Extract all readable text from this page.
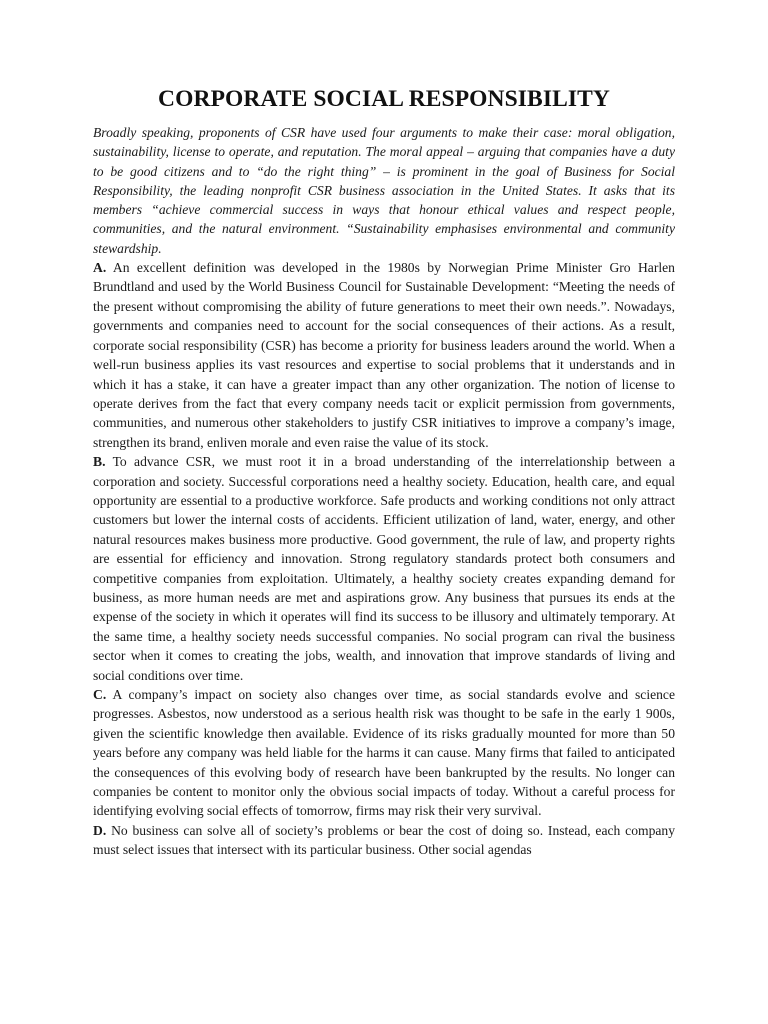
CORPORATE SOCIAL RESPONSIBILITY

Broadly speaking, proponents of CSR have used four arguments to make their case: moral obligation, sustainability, license to operate, and reputation. The moral appeal – arguing that companies have a duty to be good citizens and to “do the right thing” – is prominent in the goal of Business for Social Responsibility, the leading nonprofit CSR business association in the United States. It asks that its members “achieve commercial success in ways that honour ethical values and respect people, communities, and the natural environment. “Sustainability emphasises environmental and community stewardship.

A. An excellent definition was developed in the 1980s by Norwegian Prime Minister Gro Harlen Brundtland and used by the World Business Council for Sustainable Development: “Meeting the needs of the present without compromising the ability of future generations to meet their own needs.”. Nowadays, governments and companies need to account for the social consequences of their actions. As a result, corporate social responsibility (CSR) has become a priority for business leaders around the world. When a well-run business applies its vast resources and expertise to social problems that it understands and in which it has a stake, it can have a greater impact than any other organization. The notion of license to operate derives from the fact that every company needs tacit or explicit permission from governments, communities, and numerous other stakeholders to justify CSR initiatives to improve a company’s image, strengthen its brand, enliven morale and even raise the value of its stock.

B. To advance CSR, we must root it in a broad understanding of the interrelationship between a corporation and society. Successful corporations need a healthy society. Education, health care, and equal opportunity are essential to a productive workforce. Safe products and working conditions not only attract customers but lower the internal costs of accidents. Efficient utilization of land, water, energy, and other natural resources makes business more productive. Good government, the rule of law, and property rights are essential for efficiency and innovation. Strong regulatory standards protect both consumers and competitive companies from exploitation. Ultimately, a healthy society creates expanding demand for business, as more human needs are met and aspirations grow. Any business that pursues its ends at the expense of the society in which it operates will find its success to be illusory and ultimately temporary. At the same time, a healthy society needs successful companies. No social program can rival the business sector when it comes to creating the jobs, wealth, and innovation that improve standards of living and social conditions over time.

C. A company’s impact on society also changes over time, as social standards evolve and science progresses. Asbestos, now understood as a serious health risk was thought to be safe in the early 1 900s, given the scientific knowledge then available. Evidence of its risks gradually mounted for more than 50 years before any company was held liable for the harms it can cause. Many firms that failed to anticipated the consequences of this evolving body of research have been bankrupted by the results. No longer can companies be content to monitor only the obvious social impacts of today. Without a careful process for identifying evolving social effects of tomorrow, firms may risk their very survival.

D. No business can solve all of society’s problems or bear the cost of doing so. Instead, each company must select issues that intersect with its particular business. Other social agendas
